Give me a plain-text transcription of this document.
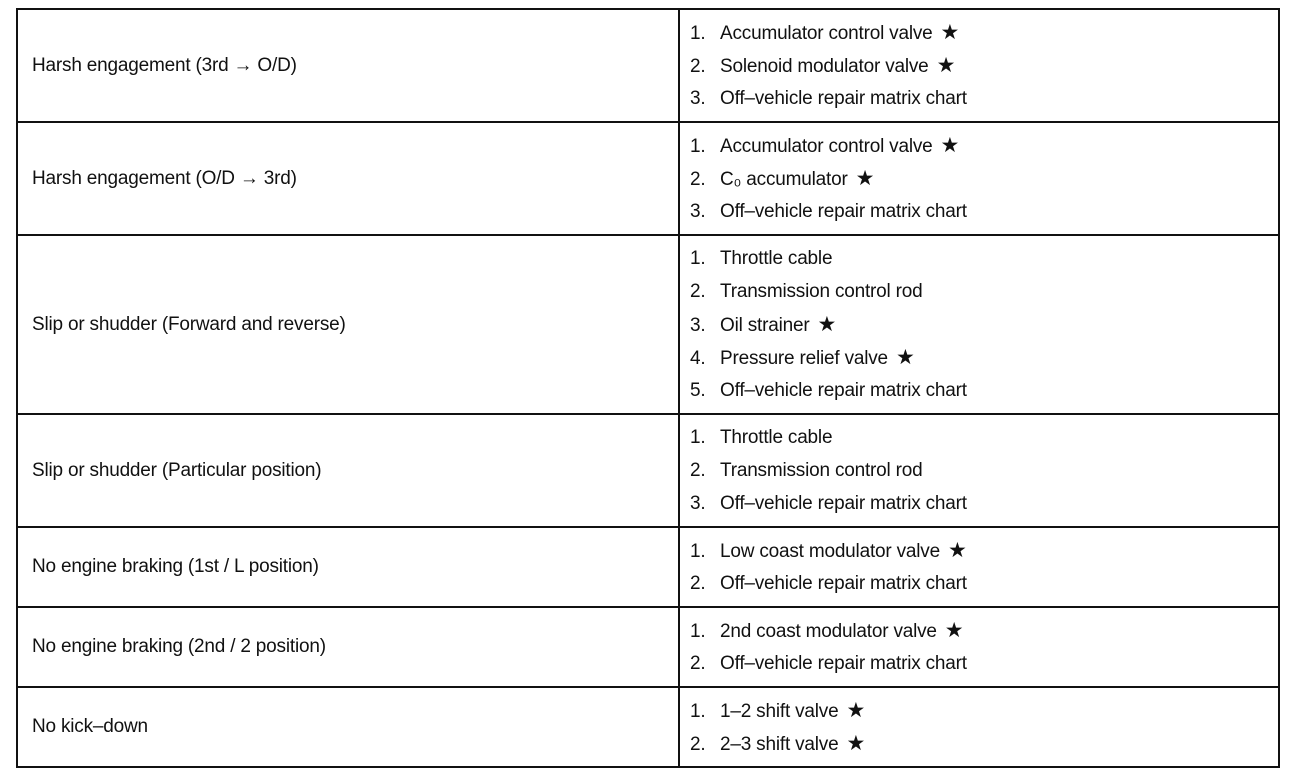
Harsh engagement (3rd → O/D)	1. Accumulator control valve ★
2. Solenoid modulator valve ★
3. Off–vehicle repair matrix chart

Harsh engagement (O/D → 3rd)	1. Accumulator control valve ★
2. C₀ accumulator ★
3. Off–vehicle repair matrix chart

Slip or shudder (Forward and reverse)	1. Throttle cable
2. Transmission control rod
3. Oil strainer ★
4. Pressure relief valve ★
5. Off–vehicle repair matrix chart

Slip or shudder (Particular position)	1. Throttle cable
2. Transmission control rod
3. Off–vehicle repair matrix chart

No engine braking (1st / L position)	1. Low coast modulator valve ★
2. Off–vehicle repair matrix chart

No engine braking (2nd / 2 position)	1. 2nd coast modulator valve ★
2. Off–vehicle repair matrix chart

No kick–down	1. 1–2 shift valve ★
2. 2–3 shift valve ★
